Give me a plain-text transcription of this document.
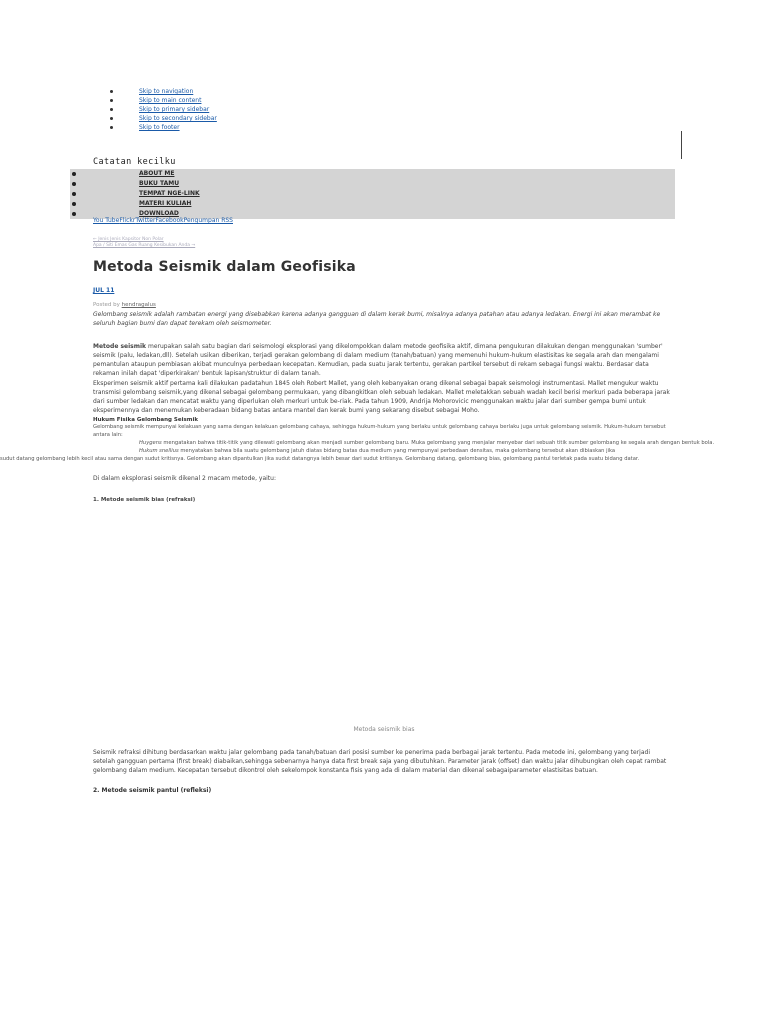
Skip to navigation
Skip to main content
Skip to primary sidebar
Skip to secondary sidebar
Skip to footer
Catatan kecilku
ABOUT ME
BUKU TAMU
TEMPAT NGE-LINK
MATERI KULIAH
DOWNLOAD
You TubeFlickrTwitterFacebookPengumpan RSS
← Jenis Jenis Kapsitor Non Polar
Apa / Siti Emas Gas Ruang Kesibukan Anda →
Metoda Seismik dalam Geofisika
JUL 11
Posted by hendragalus

Gelombang seismik adalah rambatan energi yang disebabkan karena adanya gangguan di dalam kerak bumi, misalnya adanya patahan atau adanya ledakan. Energi ini akan merambat ke seluruh bagian bumi dan dapat terekam oleh seismometer.

Metode seismik merupakan salah satu bagian dari seismologi eksplorasi yang dikelompokkan dalam metode geofisika aktif, dimana pengukuran dilakukan dengan menggunakan 'sumber' seismik (palu, ledakan,dll). Setelah usikan diberikan, terjadi gerakan gelombang di dalam medium (tanah/batuan) yang memenuhi hukum-hukum elastisitas ke segala arah dan mengalami pemantulan ataupun pembiasan akibat munculnya perbedaan kecepatan. Kemudian, pada suatu jarak tertentu, gerakan partikel tersebut di rekam sebagai fungsi waktu. Berdasar data rekaman inilah dapat 'diperkirakan' bentuk lapisan/struktur di dalam tanah.

Eksperimen seismik aktif pertama kali dilakukan padatahun 1845 oleh Robert Mallet, yang oleh kebanyakan orang dikenal sebagai bapak seismologi instrumentasi. Mallet mengukur waktu transmisi gelombang seismik,yang dikenal sebagai gelombang permukaan, yang dibangkitkan oleh sebuah ledakan. Mallet meletakkan sebuah wadah kecil berisi merkuri pada beberapa jarak dari sumber ledakan dan mencatat waktu yang diperlukan oleh merkuri untuk be-riak. Pada tahun 1909, Andrija Mohorovicic menggunakan waktu jalar dari sumber gempa bumi untuk eksperimennya dan menemukan keberadaan bidang batas antara mantel dan kerak bumi yang sekarang disebut sebagai Moho.

Hukum Fisika Gelombang Seismik

Gelombang seismik mempunyai kelakuan yang sama dengan kelakuan gelombang cahaya, sehingga hukum-hukum yang berlaku untuk gelombang cahaya berlaku juga untuk gelombang seismik. Hukum-hukum tersebut antara lain:

Huygens mengatakan bahwa titik-titik yang dilewati gelombang akan menjadi sumber gelombang baru. Muka gelombang yang menjalar menyebar dari sebuah titik sumber gelombang ke segala arah dengan bentuk bola.
Hukum snellius menyatakan bahwa bila suatu gelombang jatuh diatas bidang batas dua medium yang mempunyai perbedaan densitas, maka gelombang tersebut akan dibiaskan jika
sudut datang gelombang lebih kecil atau sama dengan sudut kritisnya. Gelombang akan dipantulkan jika sudut datangnya lebih besar dari sudut kritisnya. Gelombang datang, gelombang bias, gelombang pantul terletak pada suatu bidang datar.

Di dalam eksplorasi seismik dikenal 2 macam metode, yaitu:

1. Metode seismik bias (refraksi)
Metoda seismik bias

Seismik refraksi dihitung berdasarkan waktu jalar gelombang pada tanah/batuan dari posisi sumber ke penerima pada berbagai jarak tertentu. Pada metode ini, gelombang yang terjadi setelah gangguan pertama (first break) diabaikan,sehingga sebenarnya hanya data first break saja yang dibutuhkan. Parameter jarak (offset) dan waktu jalar dihubungkan oleh cepat rambat gelombang dalam medium. Kecepatan tersebut dikontrol oleh sekelompok konstanta fisis yang ada di dalam material dan dikenal sebagaiparameter elastisitas batuan.

2. Metode seismik pantul (refleksi)
